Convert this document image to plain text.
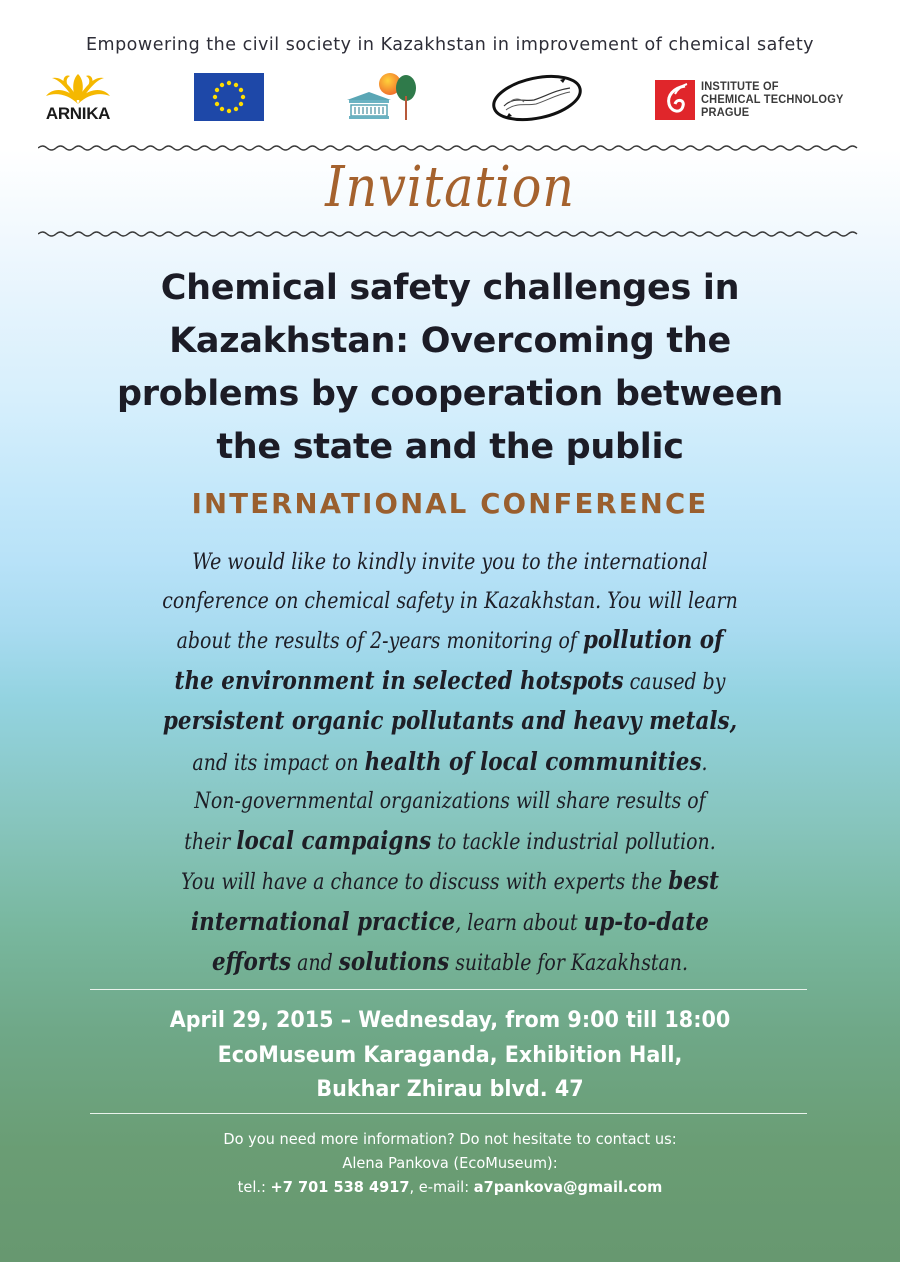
Empowering the civil society in Kazakhstan in improvement of chemical safety
ARNIKA
INSTITUTE OF
CHEMICAL TECHNOLOGY
PRAGUE
Invitation
Chemical safety challenges in
Kazakhstan: Overcoming the
problems by cooperation between
the state and the public
INTERNATIONAL CONFERENCE
We would like to kindly invite you to the international
conference on chemical safety in Kazakhstan. You will learn
about the results of 2-years monitoring of pollution of
the environment in selected hotspots caused by
persistent organic pollutants and heavy metals,
and its impact on health of local communities.
Non-governmental organizations will share results of
their local campaigns to tackle industrial pollution.
You will have a chance to discuss with experts the best
international practice, learn about up-to-date
efforts and solutions suitable for Kazakhstan.
April 29, 2015 – Wednesday, from 9:00 till 18:00
EcoMuseum Karaganda, Exhibition Hall,
Bukhar Zhirau blvd. 47
Do you need more information? Do not hesitate to contact us:
Alena Pankova (EcoMuseum):
tel.: +7 701 538 4917, e-mail: a7pankova@gmail.com
